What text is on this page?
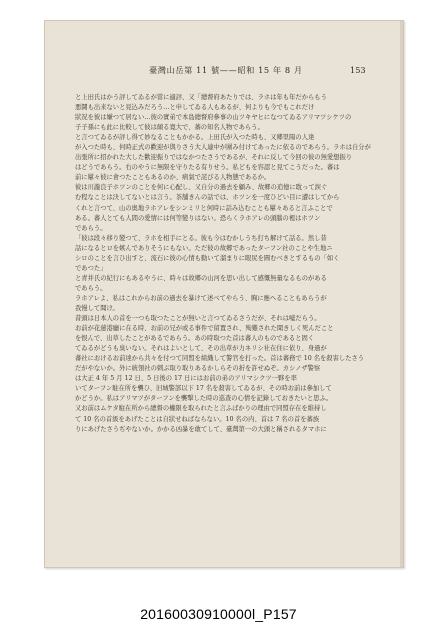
臺灣山岳第 11 號——昭和 15 年 8 月	153
と上田氏はかう評してゐるが當に適評、又「總督府あたりでは、ラホは年も年だからもう
悪鬪も出来ないと見込みだろう…と申してゐる人もあるが、何よりも今でもこれだけ
狀况を彼は嫌つて居ない…彼の實弟で本島總督府參事の山ツキヤヒになつてゐるアリマツシケツの
子子孫にも此に比較して彼は頗る寛大で、蕃の知名人物であらう。
と言つてゐるが評し得て妙なることもかかる。上田氏が入つた時も、又郷里陽の人達
が入つた時も、何時正式の歡迎が與りさう大人連中が圍み付けてあったに依るのであらう。ラホは自分が
出張所に招かれた大した歡迎振りではなかつたさうであるが、それに反して今回の彼の無愛想振り
はどうであらう。右のやうに無限を守りたる有りせう。私どもを容認と見てこうだった。蕃は
前に屢々彼に會つたこともあるのか、病氣で詫びる人物態であるか。
彼は川瀧良子ホツンのことを何に心配し、又自分の過去を顧み、故郷の追憶に耽って淚ぐ
む程なことは決してないとは言う。茶舗きんの話では、ホツンを一度ひどい目に遭はしてから
くれと言つて、山の奥地ラホアレをシンミリと何時に話み込むことも屢々あると言ふことで
ある。蕃人とても人間の愛情には何等變りはない。恐らくラホアレの頭腦の裡はホツン
であらう。
「彼は段々移り變つて、ラホを相手にとる。彼も今はむかしうち打ち解けて話る。然し昔
話になるとロを嫉んでありそうにもない。ただ彼の故郷であったターフン社のことや生地ニ
シロのことを言ひ出すと、流石に彼の心情も動いて溜まりに眼尻を圓むべきとするもの「如く
であつた」
と青井氏の紀行にもあるやうに、時々は故郷の山河を思い出して感慨無量なるものがある
であらう。
ラホアレよ、私はこれからお前の過去を暴けて述べてやらう、胸に應へることもあらうが
我慢して聞け。
昔頭は日本人の首を一つも取つたことが無いと言つてゐるさうだが、それは嘘だらう。
お前が花蓮港廳に在る時、お前の兄が或る事件で留置され、殉難された聞きしく死んだこと
を恨んで、出草したことがあるであらう。あの時取つた首は蕃人のものであると固く
てゐるがどうも臭いない。それはよいとして、その出草が力ネリシ社在住に依り、身過が
蕃社におけるお前達から共々を付つて同盟を組織して警官を打った。首は蕃務で 10 名を殺害したさう
だがやないか。外に統領社の刺ぶ取り取りあるかしらその折を許せぬぞ。カシノザ警察
は大正 4 年 5 月 12 日、5 日後の 17 日にはお前の弟のアリマシクツ一夥を率
いてターフン駐在所を襲ひ、旧城警部以下 17 名を殺害してゐるが、その時お前は參加して
かどうか。私はアリマツがターフンを襲撃した時の巡查の心情を記錄しておきたいと思ふ。
又お前はムケタ駐在所から總督の權限を取られたと言ふばかりの理由で同盟存在を維持し
て 10 名の首級をあげたことは自狀せねばならない。10 名の内、首は 7 名の首を蕃族
りにあげたさうぢやないか。かかる凶暴を敢てして、臺灣第一の大頭と稱されるタマホに
20160030910000l_P157
